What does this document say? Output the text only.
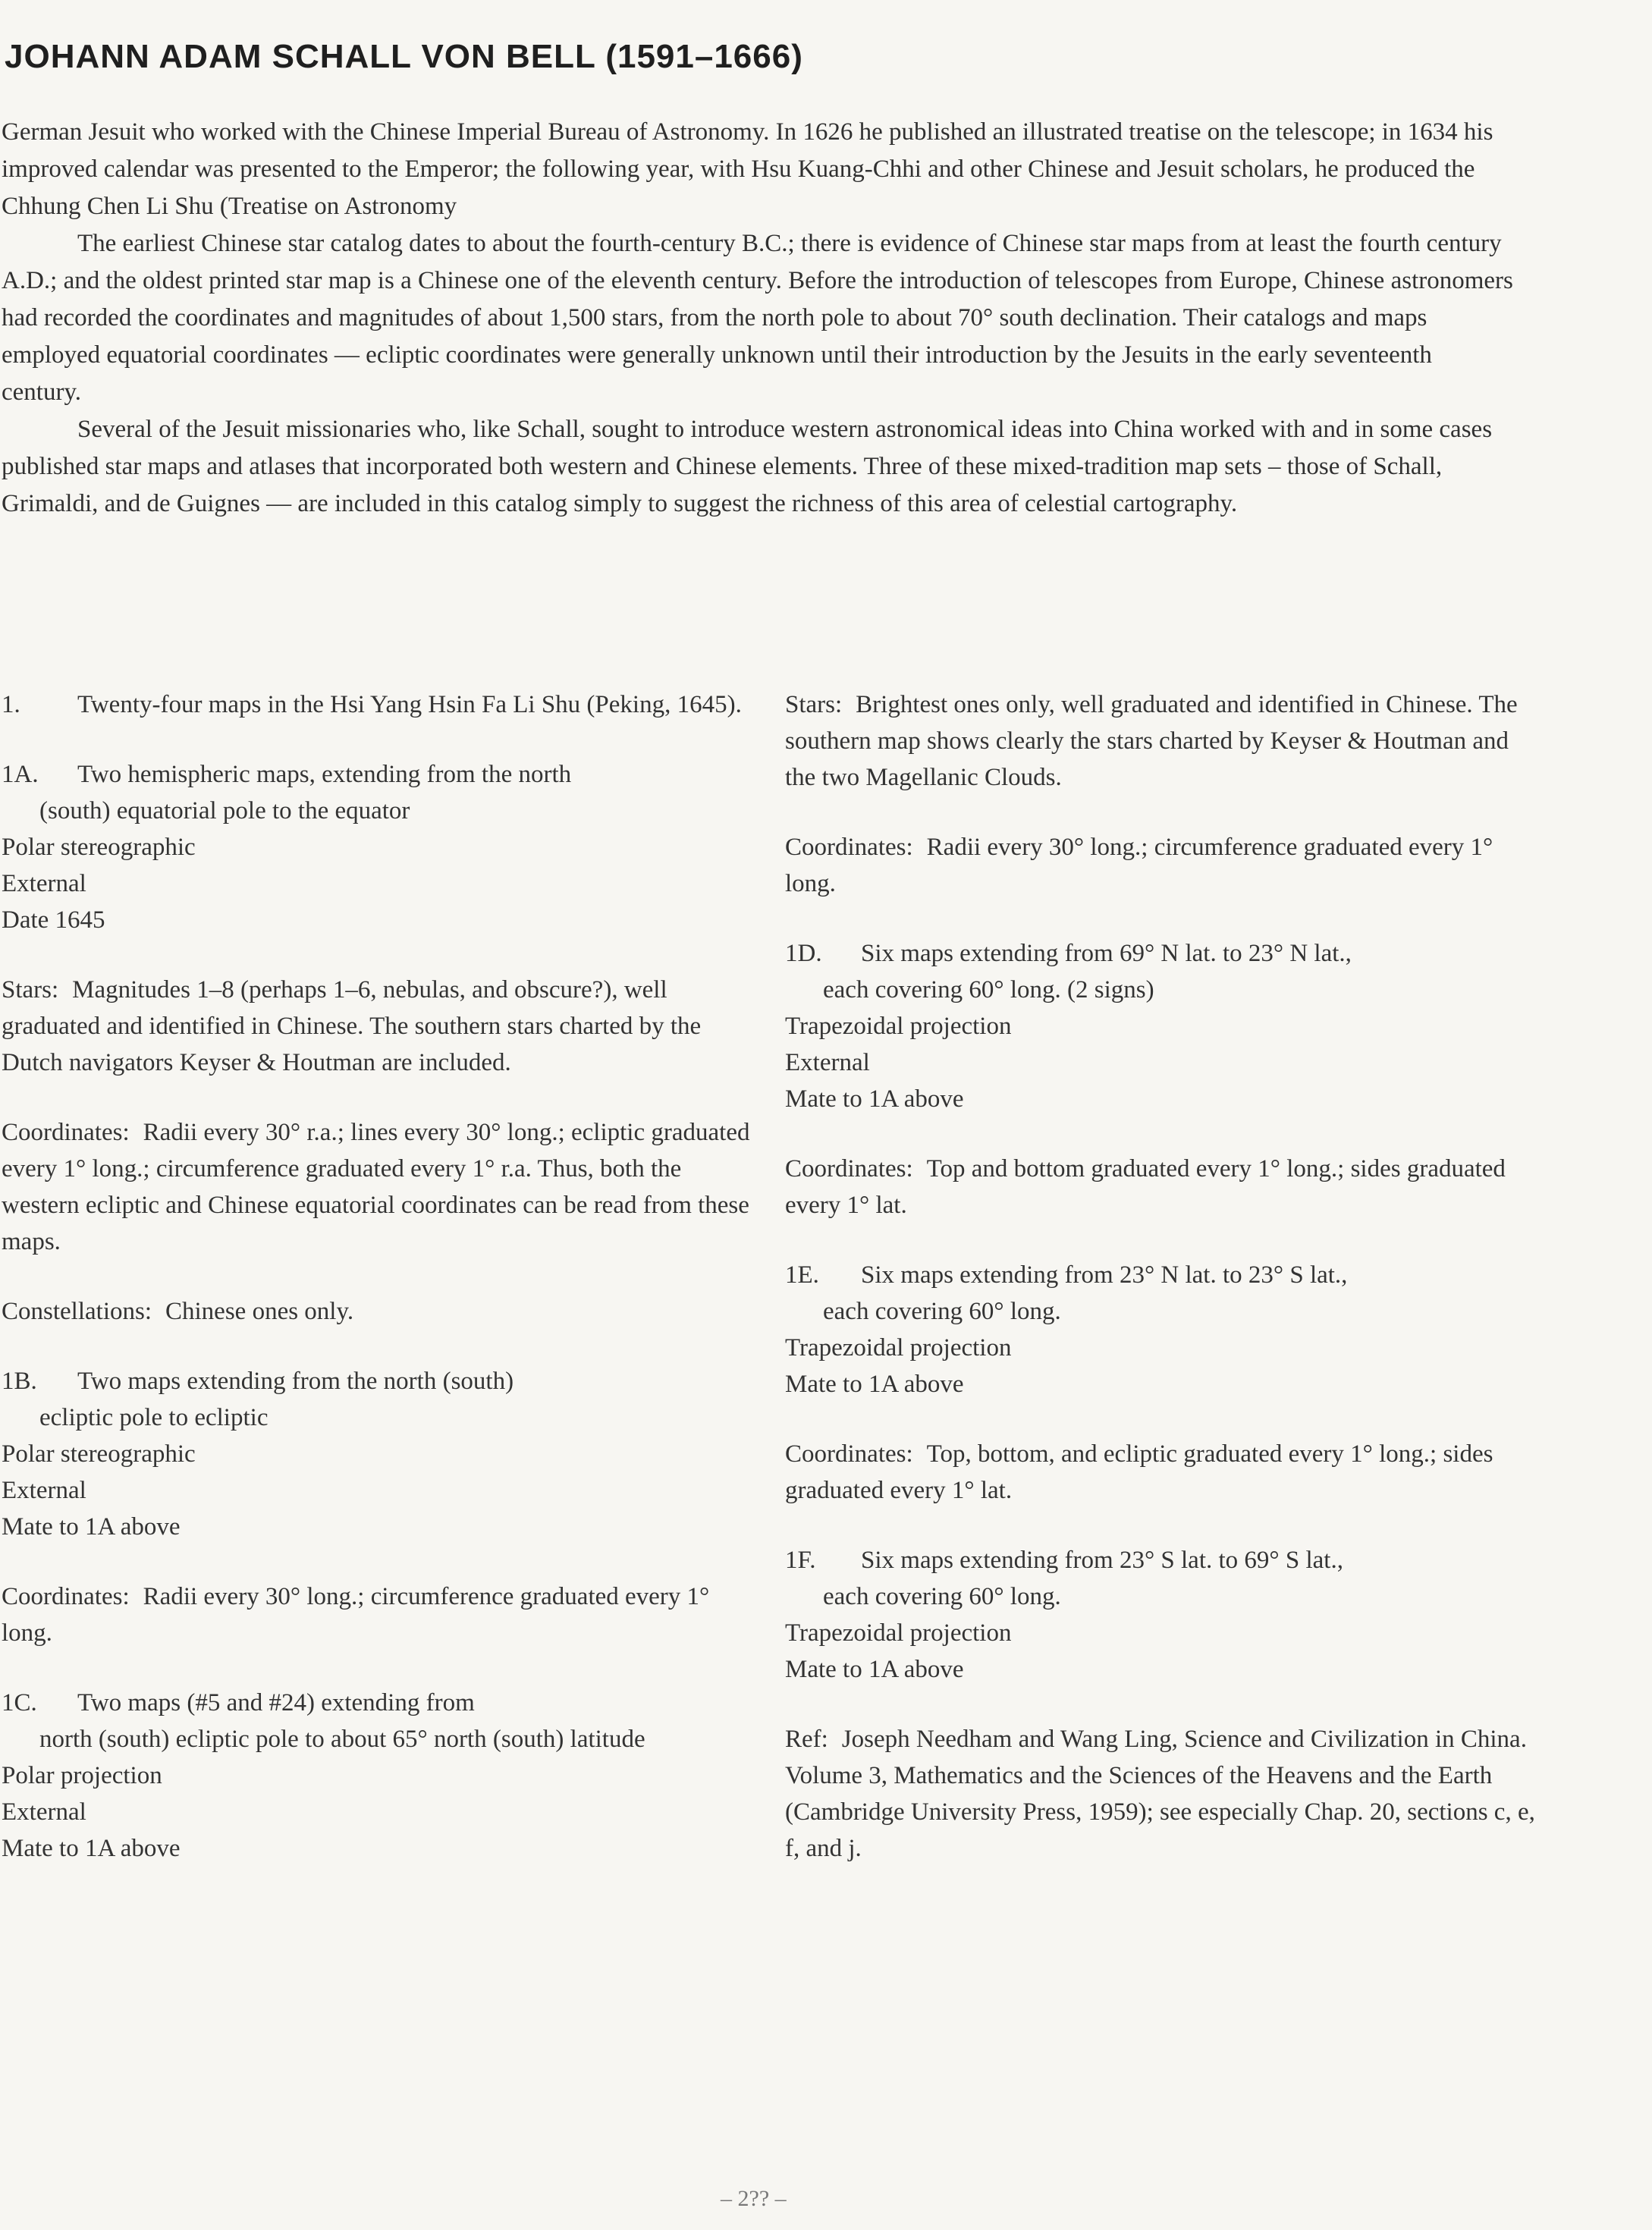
JOHANN ADAM SCHALL VON BELL (1591–1666)

German Jesuit who worked with the Chinese Imperial Bureau of Astronomy. In 1626 he published an illustrated treatise on the telescope; in 1634 his improved calendar was presented to the Emperor; the following year, with Hsu Kuang-Chhi and other Chinese and Jesuit scholars, he produced the Chhung Chen Li Shu (Treatise on Astronomy

The earliest Chinese star catalog dates to about the fourth-century B.C.; there is evidence of Chinese star maps from at least the fourth century A.D.; and the oldest printed star map is a Chinese one of the eleventh century. Before the introduction of telescopes from Europe, Chinese astronomers had recorded the coordinates and magnitudes of about 1,500 stars, from the north pole to about 70° south declination. Their catalogs and maps employed equatorial coordinates — ecliptic coordinates were generally unknown until their introduction by the Jesuits in the early seventeenth century.

Several of the Jesuit missionaries who, like Schall, sought to introduce western astronomical ideas into China worked with and in some cases published star maps and atlases that incorporated both western and Chinese elements. Three of these mixed-tradition map sets – those of Schall, Grimaldi, and de Guignes — are included in this catalog simply to suggest the richness of this area of celestial cartography.

1.	Twenty-four maps in the Hsi Yang Hsin Fa Li Shu (Peking, 1645).
1A.	Two hemispheric maps, extending from the north
(south) equatorial pole to the equator
Polar stereographic
External
Date 1645

Stars: Magnitudes 1–8 (perhaps 1–6, nebulas, and obscure?), well graduated and identified in Chinese. The southern stars charted by the Dutch navigators Keyser & Houtman are included.

Coordinates: Radii every 30° r.a.; lines every 30° long.; ecliptic graduated every 1° long.; circumference graduated every 1° r.a. Thus, both the western ecliptic and Chinese equatorial coordinates can be read from these maps.

Constellations: Chinese ones only.

1B.	Two maps extending from the north (south)
ecliptic pole to ecliptic
Polar stereographic
External
Mate to 1A above

Coordinates: Radii every 30° long.; circumference graduated every 1° long.

1C.	Two maps (#5 and #24) extending from
north (south) ecliptic pole to about 65° north (south) latitude
Polar projection
External
Mate to 1A above

Stars: Brightest ones only, well graduated and identified in Chinese. The southern map shows clearly the stars charted by Keyser & Houtman and the two Magellanic Clouds.

Coordinates: Radii every 30° long.; circumference graduated every 1° long.

1D.	Six maps extending from 69° N lat. to 23° N lat.,
each covering 60° long. (2 signs)
Trapezoidal projection
External
Mate to 1A above

Coordinates: Top and bottom graduated every 1° long.; sides graduated every 1° lat.

1E.	Six maps extending from 23° N lat. to 23° S lat.,
each covering 60° long.
Trapezoidal projection
Mate to 1A above

Coordinates: Top, bottom, and ecliptic graduated every 1° long.; sides graduated every 1° lat.

1F.	Six maps extending from 23° S lat. to 69° S lat.,
each covering 60° long.
Trapezoidal projection
Mate to 1A above

Ref: Joseph Needham and Wang Ling, Science and Civilization in China. Volume 3, Mathematics and the Sciences of the Heavens and the Earth (Cambridge University Press, 1959); see especially Chap. 20, sections c, e, f, and j.

– 2?? –
